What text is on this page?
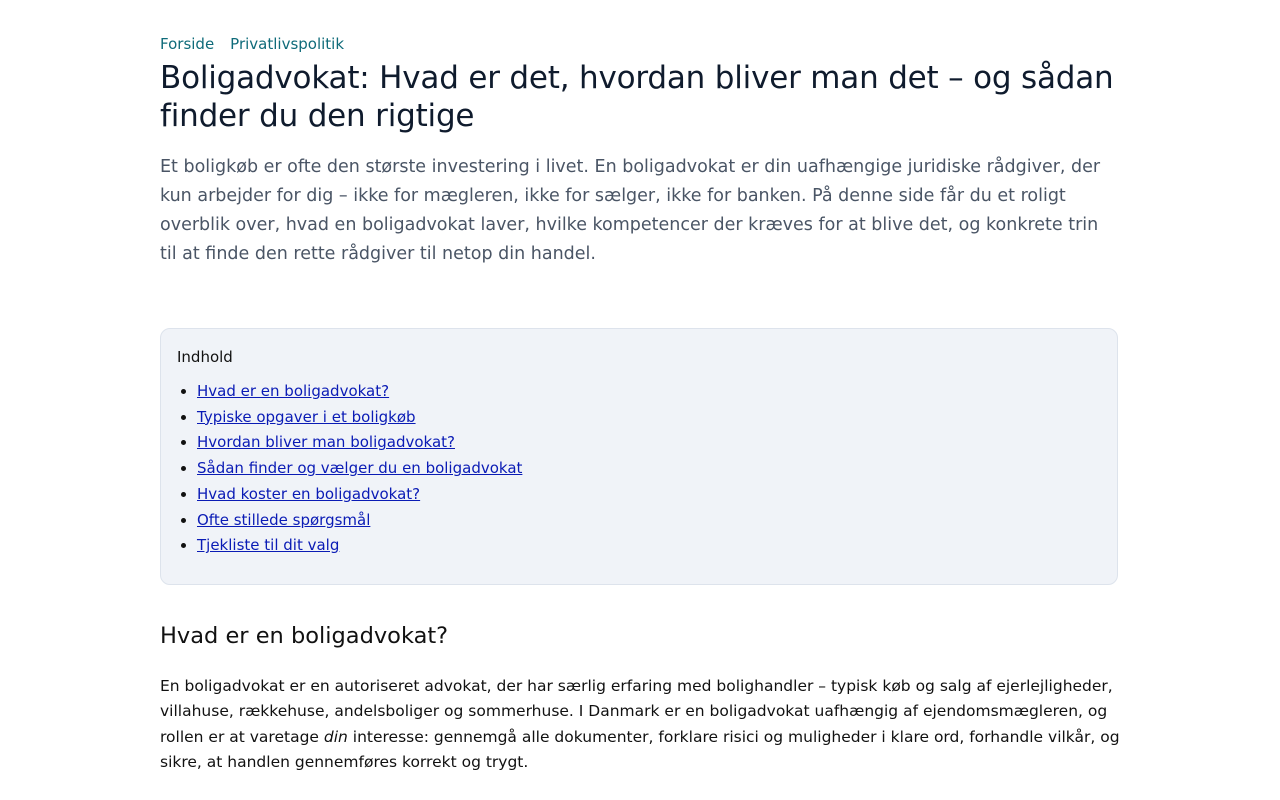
Forside Privatlivspolitik
Boligadvokat: Hvad er det, hvordan bliver man det – og sådan finder du den rigtige

Et boligkøb er ofte den største investering i livet. En boligadvokat er din uafhængige juridiske rådgiver, der kun arbejder for dig – ikke for mægleren, ikke for sælger, ikke for banken. På denne side får du et roligt overblik over, hvad en boligadvokat laver, hvilke kompetencer der kræves for at blive det, og konkrete trin til at finde den rette rådgiver til netop din handel.

Indhold
• Hvad er en boligadvokat?
• Typiske opgaver i et boligkøb
• Hvordan bliver man boligadvokat?
• Sådan finder og vælger du en boligadvokat
• Hvad koster en boligadvokat?
• Ofte stillede spørgsmål
• Tjekliste til dit valg
Hvad er en boligadvokat?

En boligadvokat er en autoriseret advokat, der har særlig erfaring med bolighandler – typisk køb og salg af ejerlejligheder, villahuse, rækkehuse, andelsboliger og sommerhuse. I Danmark er en boligadvokat uafhængig af ejendomsmægleren, og rollen er at varetage din interesse: gennemgå alle dokumenter, forklare risici og muligheder i klare ord, forhandle vilkår, og sikre, at handlen gennemføres korrekt og trygt.
